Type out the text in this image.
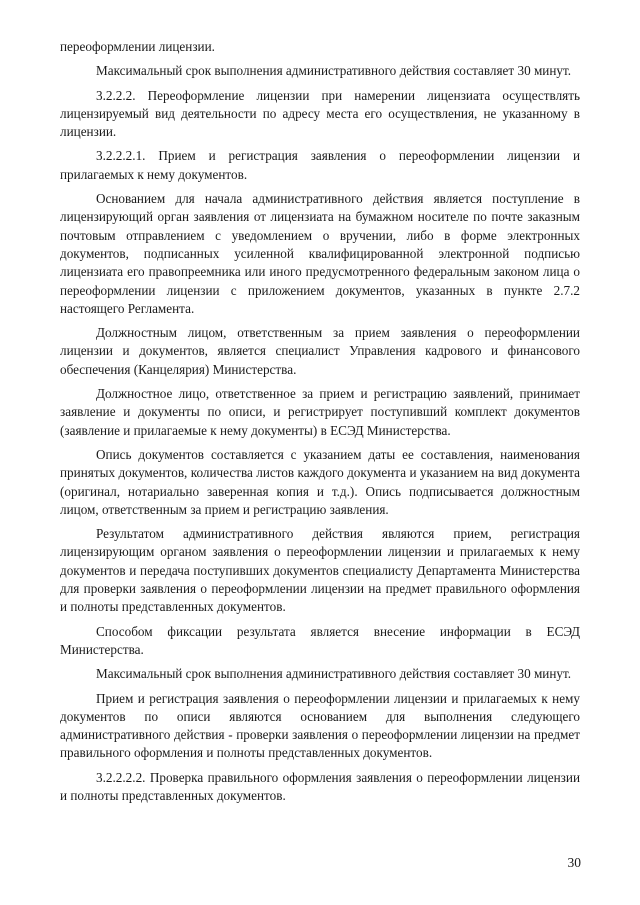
переоформлении лицензии.

Максимальный срок выполнения административного действия составляет 30 минут.

3.2.2.2. Переоформление лицензии при намерении лицензиата осуществлять лицензируемый вид деятельности по адресу места его осуществления, не указанному в лицензии.

3.2.2.2.1. Прием и регистрация заявления о переоформлении лицензии и прилагаемых к нему документов.

Основанием для начала административного действия является поступление в лицензирующий орган заявления от лицензиата на бумажном носителе по почте заказным почтовым отправлением с уведомлением о вручении, либо в форме электронных документов, подписанных усиленной квалифицированной электронной подписью лицензиата его правопреемника или иного предусмотренного федеральным законом лица о переоформлении лицензии с приложением документов, указанных в пункте 2.7.2 настоящего Регламента.

Должностным лицом, ответственным за прием заявления о переоформлении лицензии и документов, является специалист Управления кадрового и финансового обеспечения (Канцелярия) Министерства.

Должностное лицо, ответственное за прием и регистрацию заявлений, принимает заявление и документы по описи, и регистрирует поступивший комплект документов (заявление и прилагаемые к нему документы) в ЕСЭД Министерства.

Опись документов составляется с указанием даты ее составления, наименования принятых документов, количества листов каждого документа и указанием на вид документа (оригинал, нотариально заверенная копия и т.д.). Опись подписывается должностным лицом, ответственным за прием и регистрацию заявления.

Результатом административного действия являются прием, регистрация лицензирующим органом заявления о переоформлении лицензии и прилагаемых к нему документов и передача поступивших документов специалисту Департамента Министерства для проверки заявления о переоформлении лицензии на предмет правильного оформления и полноты представленных документов.

Способом фиксации результата является внесение информации в ЕСЭД Министерства.

Максимальный срок выполнения административного действия составляет 30 минут.

Прием и регистрация заявления о переоформлении лицензии и прилагаемых к нему документов по описи являются основанием для выполнения следующего административного действия - проверки заявления о переоформлении лицензии на предмет правильного оформления и полноты представленных документов.

3.2.2.2.2. Проверка правильного оформления заявления о переоформлении лицензии и полноты представленных документов.

30
